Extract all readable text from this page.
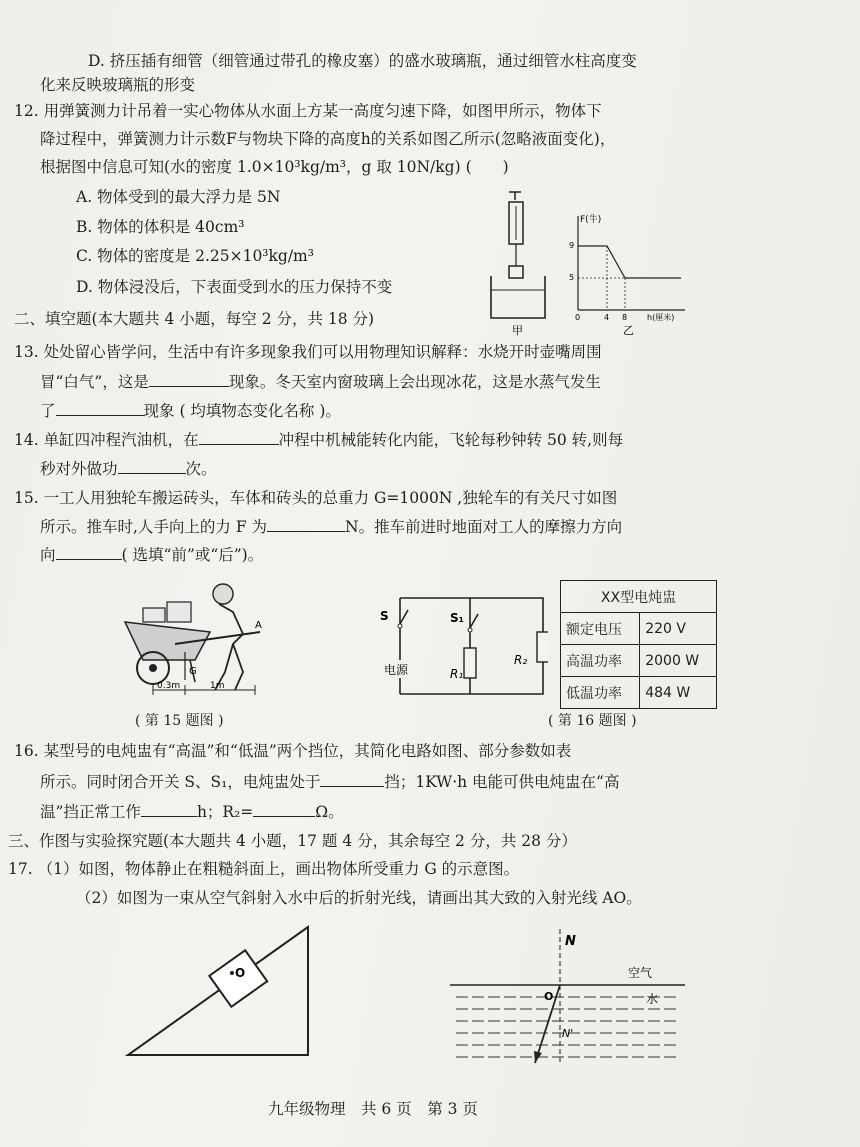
D. 挤压插有细管（细管通过带孔的橡皮塞）的盛水玻璃瓶，通过细管水柱高度变
化来反映玻璃瓶的形变
12. 用弹簧测力计吊着一实心物体从水面上方某一高度匀速下降，如图甲所示，物体下
降过程中，弹簧测力计示数F与物块下降的高度h的关系如图乙所示(忽略液面变化)，
根据图中信息可知(水的密度 1.0×10³kg/m³，g 取 10N/kg) (　　)
A. 物体受到的最大浮力是 5N
B. 物体的体积是 40cm³
C. 物体的密度是 2.25×10³kg/m³
D. 物体浸没后，下表面受到水的压力保持不变
甲
F(牛)
9
5
0	4 8 h(厘米)
乙
二、填空题(本大题共 4 小题，每空 2 分，共 18 分)
13. 处处留心皆学问，生活中有许多现象我们可以用物理知识解释：水烧开时壶嘴周围
冒“白气”，这是	现象。冬天室内窗玻璃上会出现冰花，这是水蒸气发生
了	现象 ( 均填物态变化名称 )。
14. 单缸四冲程汽油机，在	冲程中机械能转化内能，飞轮每秒钟转 50 转,则每
秒对外做功	次。
15. 一工人用独轮车搬运砖头，车体和砖头的总重力 G=1000N ,独轮车的有关尺寸如图
所示。推车时,人手向上的力 F 为	N。推车前进时地面对工人的摩擦力方向
向	( 选填“前”或“后”)。
G
A
0.3m	1m
S
电源
S₁
R₁
R₂
XX型电炖盅	
额定电压	220 V
高温功率	2000 W
低温功率	484 W
( 第 15 题图 )	( 第 16 题图 )
16. 某型号的电炖盅有“高温”和“低温”两个挡位，其简化电路如图、部分参数如表
所示。同时闭合开关 S、S₁，电炖盅处于	挡；1KW·h 电能可供电炖盅在“高
温”挡正常工作	h；R₂=	Ω。
三、作图与实验探究题(本大题共 4 小题，17 题 4 分，其余每空 2 分，共 28 分）
17. （1）如图，物体静止在粗糙斜面上，画出物体所受重力 G 的示意图。
（2）如图为一束从空气斜射入水中后的折射光线，请画出其大致的入射光线 AO。
O
N
O
N'
空气
水
九年级物理　共 6 页　第 3 页
